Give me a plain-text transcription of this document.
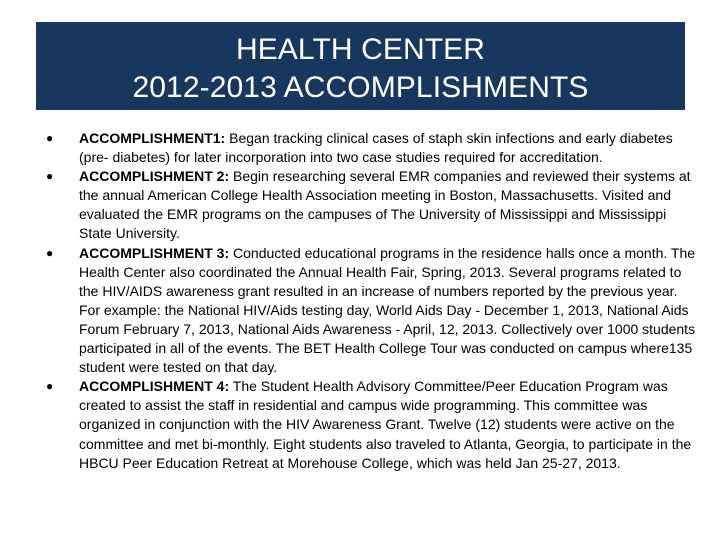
HEALTH CENTER
2012-2013 ACCOMPLISHMENTS
●	ACCOMPLISHMENT1: Began tracking clinical cases of staph skin infections and early diabetes (pre- diabetes) for later incorporation into two case studies required for accreditation.
●	ACCOMPLISHMENT 2: Begin researching several EMR companies and reviewed their systems at the annual American College Health Association meeting in Boston, Massachusetts. Visited and evaluated the EMR programs on the campuses of The University of Mississippi and Mississippi State University.
●	ACCOMPLISHMENT 3: Conducted educational programs in the residence halls once a month. The Health Center also coordinated the Annual Health Fair, Spring, 2013. Several programs related to the HIV/AIDS awareness grant resulted in an increase of numbers reported by the previous year. For example: the National HIV/Aids testing day, World Aids Day - December 1, 2013, National Aids Forum February 7, 2013, National Aids Awareness - April, 12, 2013. Collectively over 1000 students participated in all of the events. The BET Health College Tour was conducted on campus where135 student were tested on that day.
●	ACCOMPLISHMENT 4: The Student Health Advisory Committee/Peer Education Program was created to assist the staff in residential and campus wide programming. This committee was organized in conjunction with the HIV Awareness Grant. Twelve (12) students were active on the committee and met bi-monthly. Eight students also traveled to Atlanta, Georgia, to participate in the HBCU Peer Education Retreat at Morehouse College, which was held Jan 25-27, 2013.
